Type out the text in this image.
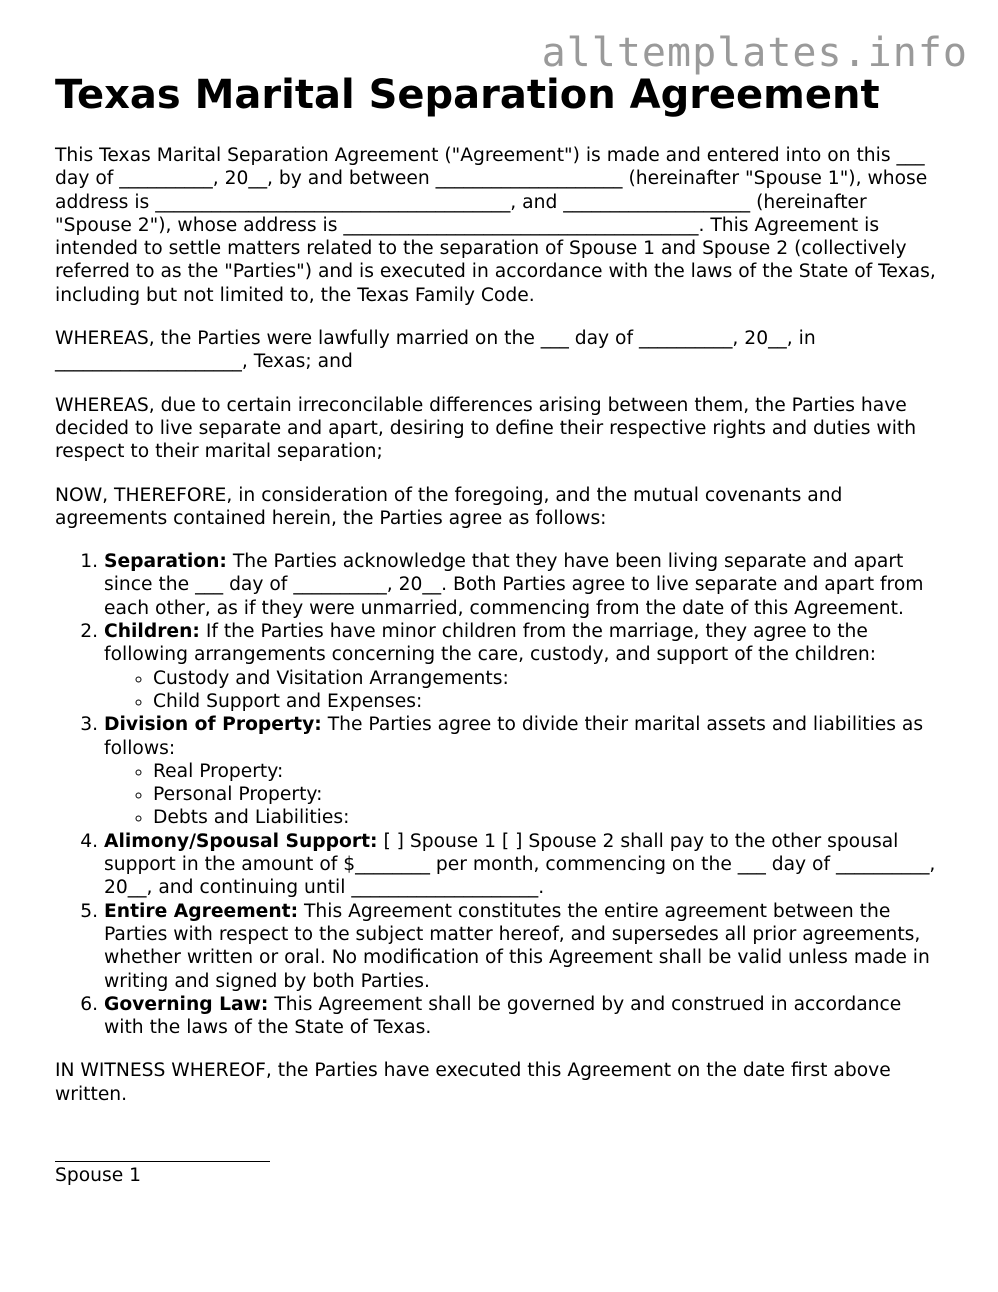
alltemplates.info
Texas Marital Separation Agreement

This Texas Marital Separation Agreement ("Agreement") is made and entered into on this ___ day of __________, 20__, by and between ____________________ (hereinafter "Spouse 1"), whose address is ______________________________________, and ____________________ (hereinafter "Spouse 2"), whose address is ______________________________________. This Agreement is intended to settle matters related to the separation of Spouse 1 and Spouse 2 (collectively referred to as the "Parties") and is executed in accordance with the laws of the State of Texas, including but not limited to, the Texas Family Code.

WHEREAS, the Parties were lawfully married on the ___ day of __________, 20__, in ____________________, Texas; and

WHEREAS, due to certain irreconcilable differences arising between them, the Parties have decided to live separate and apart, desiring to define their respective rights and duties with respect to their marital separation;

NOW, THEREFORE, in consideration of the foregoing, and the mutual covenants and agreements contained herein, the Parties agree as follows:

1. Separation: The Parties acknowledge that they have been living separate and apart since the ___ day of __________, 20__. Both Parties agree to live separate and apart from each other, as if they were unmarried, commencing from the date of this Agreement.
2. Children: If the Parties have minor children from the marriage, they agree to the following arrangements concerning the care, custody, and support of the children:
◦ Custody and Visitation Arrangements:
◦ Child Support and Expenses:
3. Division of Property: The Parties agree to divide their marital assets and liabilities as follows:
◦ Real Property:
◦ Personal Property:
◦ Debts and Liabilities:
4. Alimony/Spousal Support: [ ] Spouse 1 [ ] Spouse 2 shall pay to the other spousal support in the amount of $________ per month, commencing on the ___ day of __________, 20__, and continuing until ____________________.
5. Entire Agreement: This Agreement constitutes the entire agreement between the Parties with respect to the subject matter hereof, and supersedes all prior agreements, whether written or oral. No modification of this Agreement shall be valid unless made in writing and signed by both Parties.
6. Governing Law: This Agreement shall be governed by and construed in accordance with the laws of the State of Texas.

IN WITNESS WHEREOF, the Parties have executed this Agreement on the date first above written.

Spouse 1
